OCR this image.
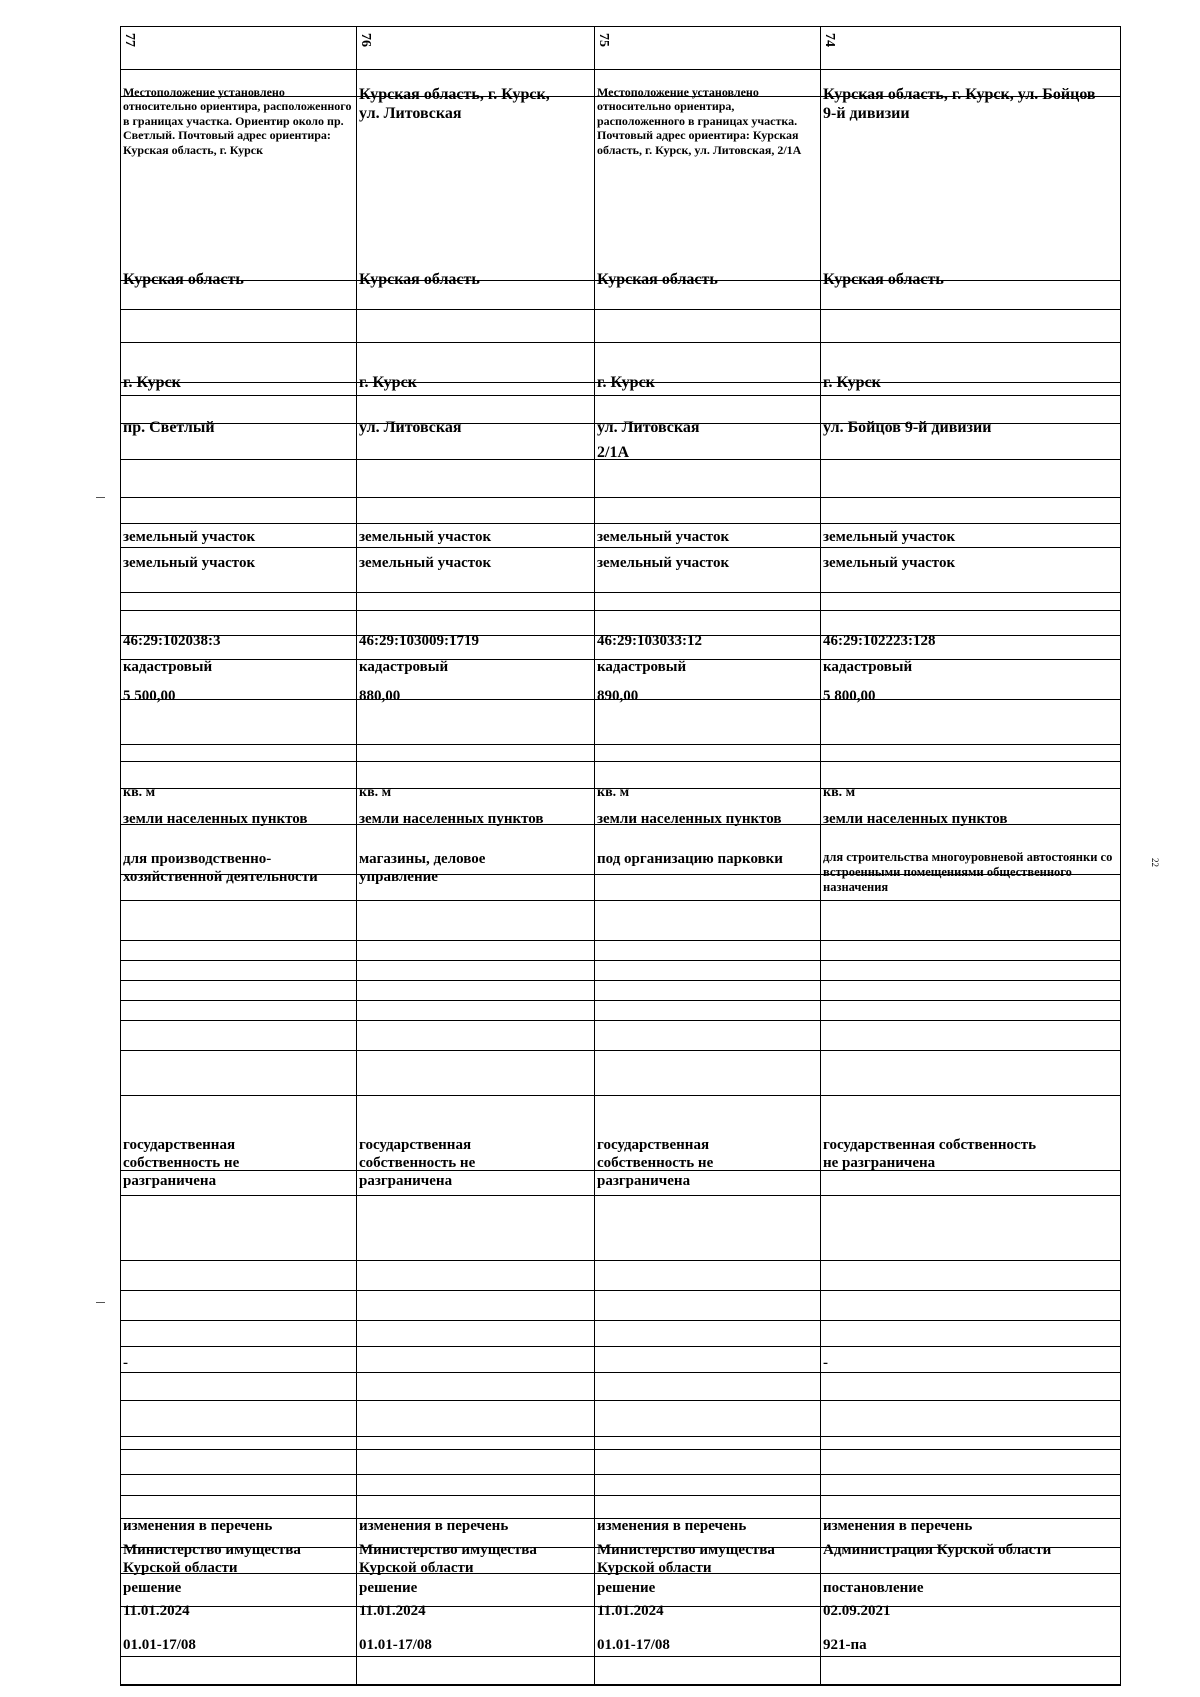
77
Местоположение установлено относительно ориентира, расположенного в границах участка. Ориентир около пр. Светлый. Почтовый адрес ориентира: Курская область, г. Курск
Курская область
г. Курск
пр. Светлый
земельный участок
земельный участок
46:29:102038:3
кадастровый
5 500,00
кв. м
земли населенных пунктов
для производственно-
хозяйственной деятельности
государственная
собственность не
разграничена
-
изменения в перечень
Министерство имущества
Курской области
решение
11.01.2024
01.01-17/08
76
Курская область, г. Курск,
ул. Литовская
Курская область
г. Курск
ул. Литовская
земельный участок
земельный участок
46:29:103009:1719
кадастровый
880,00
кв. м
земли населенных пунктов
магазины, деловое
управление
государственная
собственность не
разграничена
изменения в перечень
Министерство имущества
Курской области
решение
11.01.2024
01.01-17/08
75
Местоположение установлено относительно ориентира, расположенного в границах участка. Почтовый адрес ориентира: Курская область, г. Курск, ул. Литовская, 2/1А
Курская область
г. Курск
ул. Литовская
2/1А
земельный участок
земельный участок
46:29:103033:12
кадастровый
890,00
кв. м
земли населенных пунктов
под организацию парковки
государственная
собственность не
разграничена
изменения в перечень
Министерство имущества
Курской области
решение
11.01.2024
01.01-17/08
74
Курская область, г. Курск, ул. Бойцов
9-й дивизии
Курская область
г. Курск
ул. Бойцов 9-й дивизии
земельный участок
земельный участок
46:29:102223:128
кадастровый
5 800,00
кв. м
земли населенных пунктов
для строительства многоуровневой автостоянки со встроенными помещениями общественного назначения
государственная собственность
не разграничена
-
изменения в перечень
Администрация Курской области
постановление
02.09.2021
921-па
22
